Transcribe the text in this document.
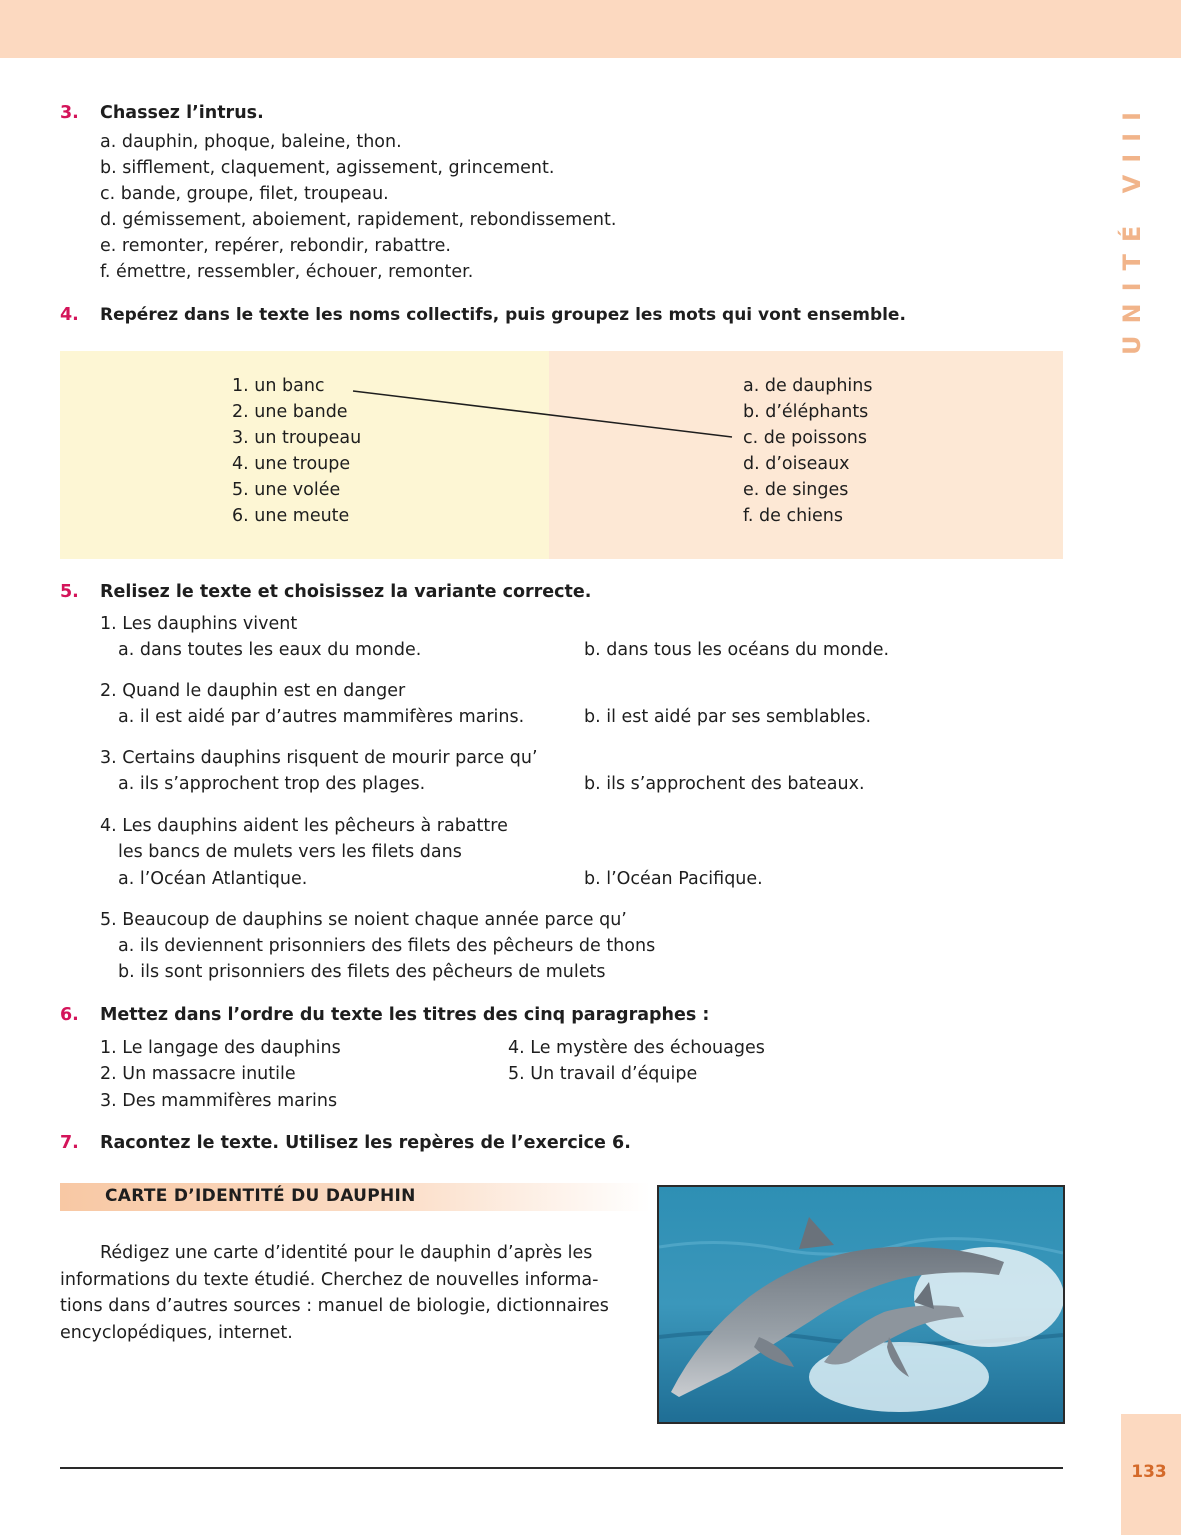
UNITÉ VIII
3. Chassez l’intrus.
a. dauphin, phoque, baleine, thon.
b. sifflement, claquement, agissement, grincement.
c. bande, groupe, filet, troupeau.
d. gémissement, aboiement, rapidement, rebondissement.
e. remonter, repérer, rebondir, rabattre.
f. émettre, ressembler, échouer, remonter.
4. Repérez dans le texte les noms collectifs, puis groupez les mots qui vont ensemble.
1. un banc
2. une bande
3. un troupeau
4. une troupe
5. une volée
6. une meute
a. de dauphins
b. d’éléphants
c. de poissons
d. d’oiseaux
e. de singes
f. de chiens
5. Relisez le texte et choisissez la variante correcte.
1. Les dauphins vivent
a. dans toutes les eaux du monde.	b. dans tous les océans du monde.
2. Quand le dauphin est en danger
a. il est aidé par d’autres mammifères marins.	b. il est aidé par ses semblables.
3. Certains dauphins risquent de mourir parce qu’
a. ils s’approchent trop des plages.	b. ils s’approchent des bateaux.
4. Les dauphins aident les pêcheurs à rabattre
les bancs de mulets vers les filets dans
a. l’Océan Atlantique.	b. l’Océan Pacifique.
5. Beaucoup de dauphins se noient chaque année parce qu’
a. ils deviennent prisonniers des filets des pêcheurs de thons
b. ils sont prisonniers des filets des pêcheurs de mulets
6. Mettez dans l’ordre du texte les titres des cinq paragraphes :
1. Le langage des dauphins
2. Un massacre inutile
3. Des mammifères marins
4. Le mystère des échouages
5. Un travail d’équipe
7. Racontez le texte. Utilisez les repères de l’exercice 6.
CARTE D’IDENTITÉ DU DAUPHIN
Rédigez une carte d’identité pour le dauphin d’après les
informations du texte étudié. Cherchez de nouvelles informa-
tions dans d’autres sources : manuel de biologie, dictionnaires
encyclopédiques, internet.
133
